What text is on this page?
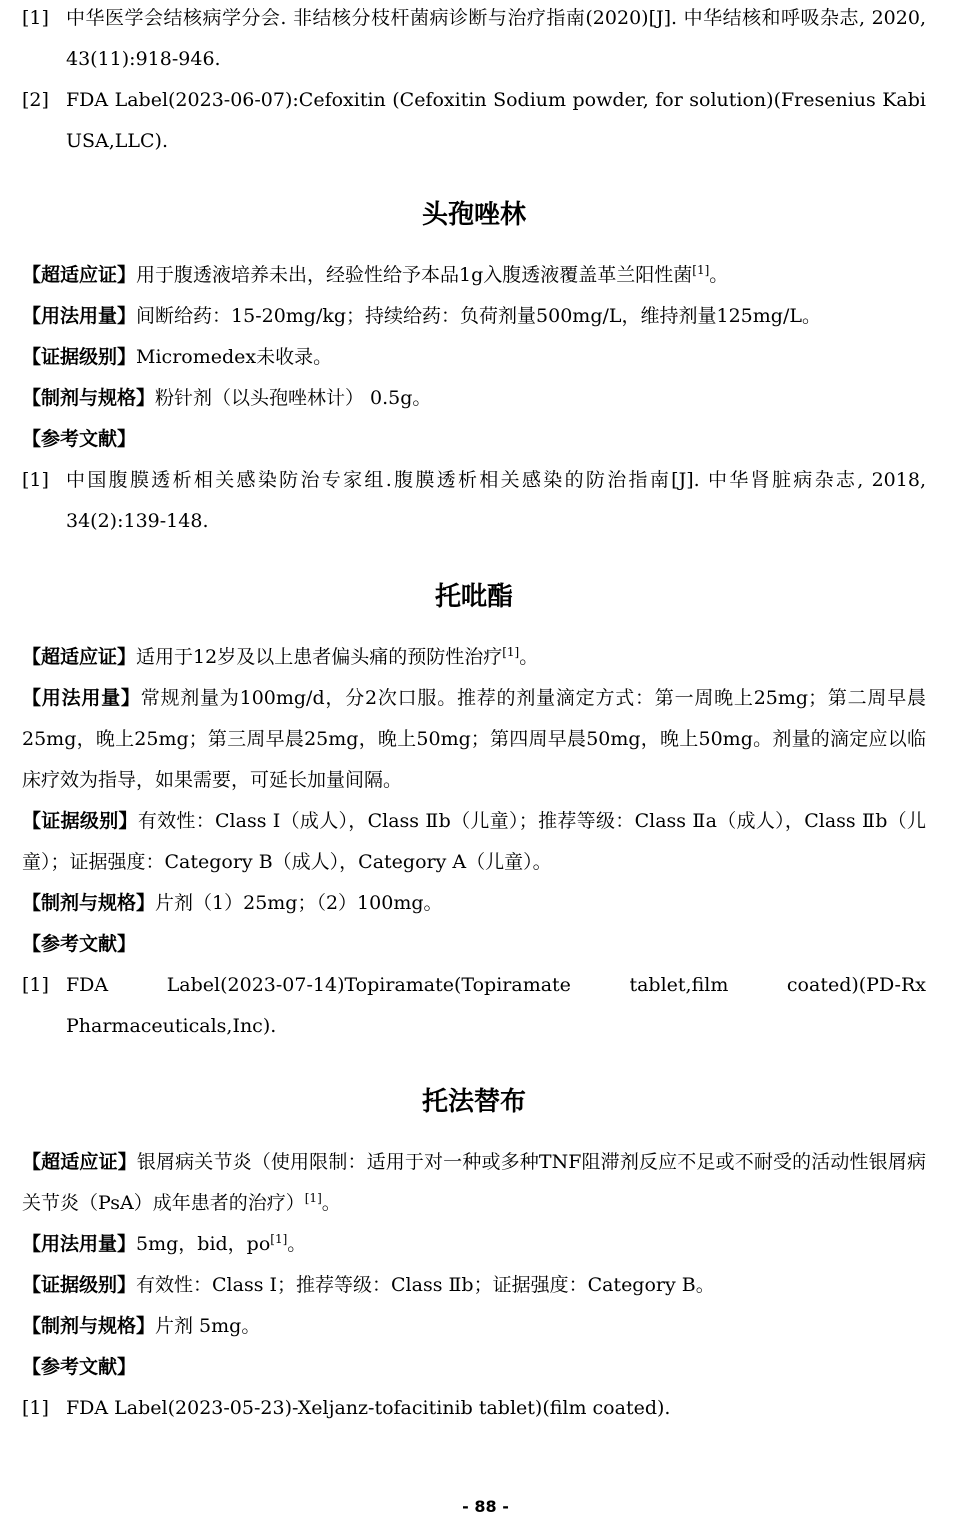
[1] 中华医学会结核病学分会. 非结核分枝杆菌病诊断与治疗指南(2020)[J]. 中华结核和呼吸杂志, 2020, 43(11):918-946.
[2] FDA Label(2023-06-07):Cefoxitin (Cefoxitin Sodium powder, for solution)(Fresenius Kabi USA,LLC).
头孢唑林
【超适应证】用于腹透液培养未出，经验性给予本品1g入腹透液覆盖革兰阳性菌[1]。
【用法用量】间断给药：15-20mg/kg；持续给药：负荷剂量500mg/L，维持剂量125mg/L。
【证据级别】Micromedex未收录。
【制剂与规格】粉针剂（以头孢唑林计） 0.5g。
【参考文献】
[1] 中国腹膜透析相关感染防治专家组.腹膜透析相关感染的防治指南[J]. 中华肾脏病杂志, 2018, 34(2):139-148.
托吡酯
【超适应证】适用于12岁及以上患者偏头痛的预防性治疗[1]。
【用法用量】常规剂量为100mg/d，分2次口服。推荐的剂量滴定方式：第一周晚上25mg；第二周早晨25mg，晚上25mg；第三周早晨25mg，晚上50mg；第四周早晨50mg，晚上50mg。剂量的滴定应以临床疗效为指导，如果需要，可延长加量间隔。
【证据级别】有效性：Class Ⅰ（成人），Class Ⅱb（儿童）；推荐等级：Class Ⅱa（成人），Class Ⅱb（儿童）；证据强度：Category B（成人），Category A（儿童）。
【制剂与规格】片剂（1）25mg；（2）100mg。
【参考文献】
[1] FDA Label(2023-07-14)Topiramate(Topiramate tablet,film coated)(PD-Rx Pharmaceuticals,Inc).
托法替布
【超适应证】银屑病关节炎（使用限制：适用于对一种或多种TNF阻滞剂反应不足或不耐受的活动性银屑病关节炎（PsA）成年患者的治疗）[1]。
【用法用量】5mg，bid，po[1]。
【证据级别】有效性：Class I；推荐等级：Class Ⅱb；证据强度：Category B。
【制剂与规格】片剂 5mg。
【参考文献】
[1] FDA Label(2023-05-23)-Xeljanz-tofacitinib tablet)(film coated).
- 88 -
